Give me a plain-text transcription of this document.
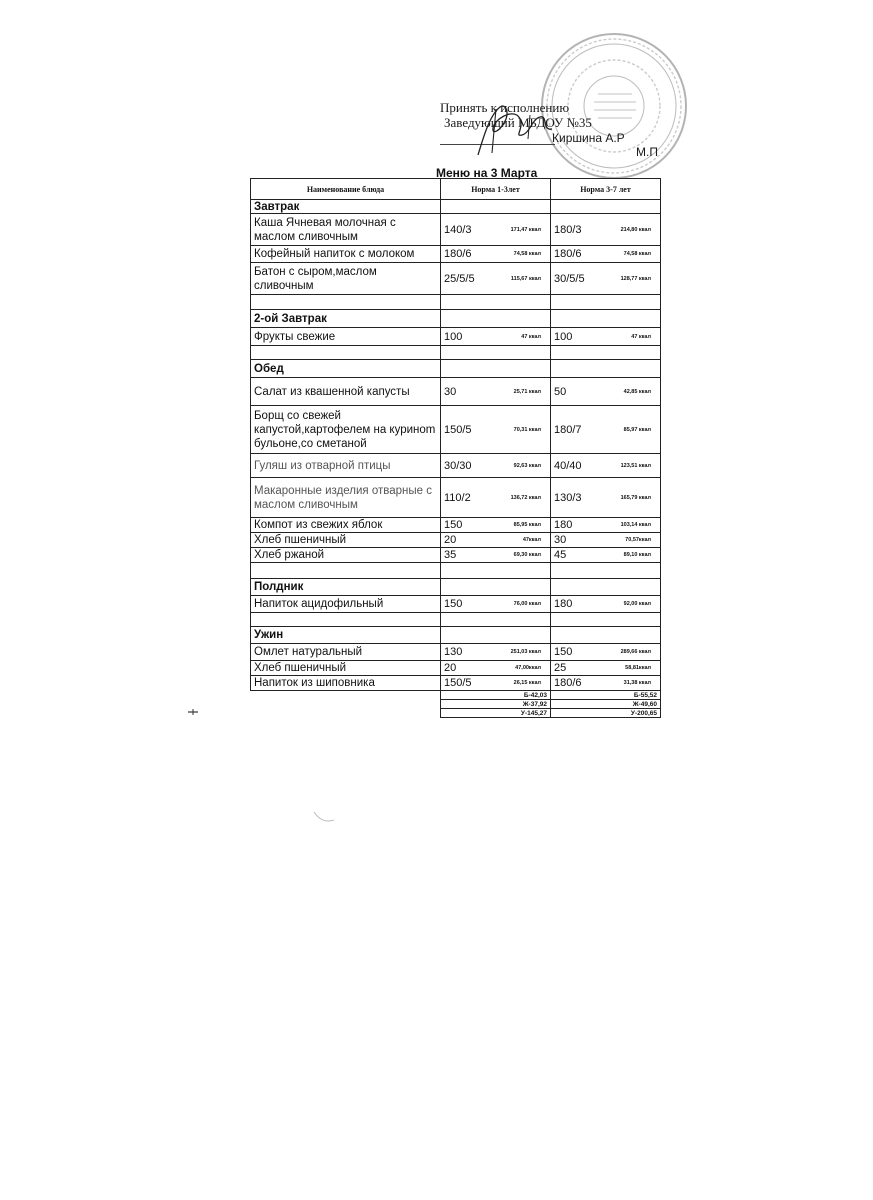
Принять к исполнению
Заведующий МБДОУ №35
Киршина А.Р
М.П
Меню на 3 Марта
Наименование блюда	Норма 1-3лет	Норма 3-7 лет
Завтрак		
Каша Ячневая молочная с маслом сливочным	140/3 171,47 ккал	180/3 214,80 ккал

Кофейный напиток с молоком	180/6 74,58 ккал	180/6 74,58 ккал

Батон с сыром,маслом сливочным	25/5/5 115,67 ккал	30/5/5 128,77 ккал

2-ой Завтрак		
Фрукты свежие	100 47 ккал	100 47 ккал

Обед		
Салат из квашенной капусты	30 25,71 ккал	50 42,85 ккал

Борщ со свежей капустой,картофелем на куриноm бульоне,со сметаной	150/5 70,31 ккал	180/7 85,97 ккал

Гуляш из отварной птицы	30/30 92,63 ккал	40/40 123,51 ккал

Макаронные изделия отварные с маслом сливочным	110/2 136,72 ккал	130/3 165,79 ккал

Компот из свежих яблок	150 85,95 ккал	180 103,14 ккал

Хлеб пшеничный	20 47ккал	30 70,57ккал

Хлеб ржаной	35 69,30 ккал	45 89,10 ккал

Полдник		
Напиток ацидофильный	150 76,00 ккал	180 92,00 ккал

Ужин		
Омлет натуральный	130 251,03 ккал	150 289,66 ккал

Хлеб пшеничный	20 47,00ккал	25 58,81ккал

Напиток из шиповника	150/5 26,15 ккал	180/6 31,38 ккал

	Б-42,03	Б-55,52
	Ж-37,92	Ж-49,60
	У-145,27	У-200,65
